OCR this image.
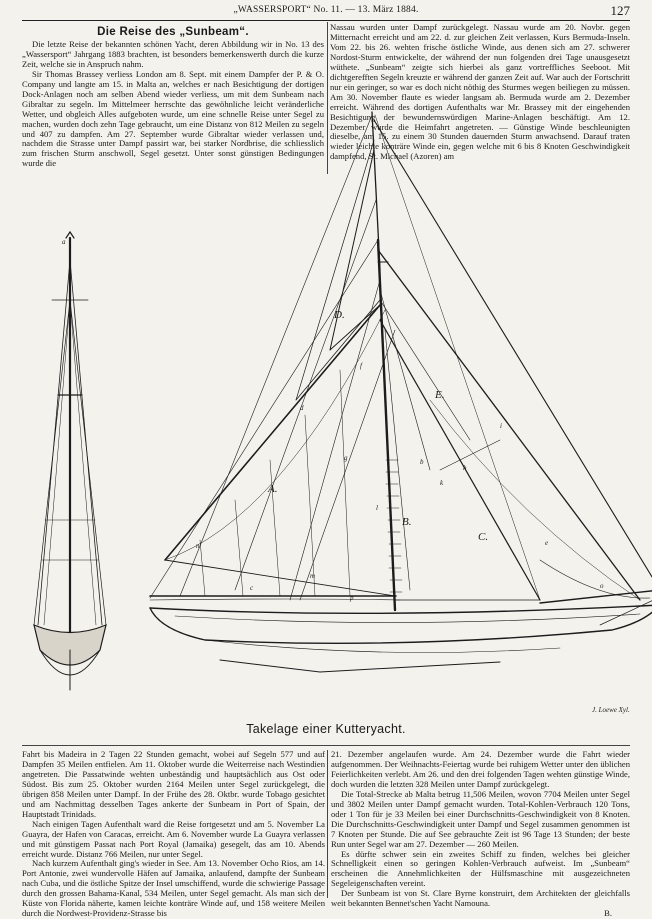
„WASSERSPORT“ No. 11. — 13. März 1884.	127
Die Reise des „Sunbeam“.

Die letzte Reise der bekannten schönen Yacht, deren Abbildung wir in No. 13 des „Wassersport“ Jahrgang 1883 brachten, ist besonders bemerkenswerth durch die kurze Zeit, welche sie in Anspruch nahm.

Sir Thomas Brassey verliess London am 8. Sept. mit einem Dampfer der P. & O. Company und langte am 15. in Malta an, welches er nach Besichtigung der dortigen Dock-Anlagen noch am selben Abend wieder verliess, um mit dem Sunbeam nach Gibraltar zu segeln. Im Mittelmeer herrschte das gewöhnliche leicht veränderliche Wetter, und obgleich Alles aufgeboten wurde, um eine schnelle Reise unter Segel zu machen, wurden doch zehn Tage gebraucht, um eine Distanz von 812 Meilen zu segeln und 407 zu dampfen. Am 27. September wurde Gibraltar wieder verlassen und, nachdem die Strasse unter Dampf passirt war, bei starker Nordbrise, die schliesslich zum frischen Sturm anschwoll, Segel gesetzt. Unter sonst günstigen Bedingungen wurde die

Nassau wurden unter Dampf zurückgelegt. Nassau wurde am 20. Novbr. gegen Mitternacht erreicht und am 22. d. zur gleichen Zeit verlassen, Kurs Bermuda-Inseln. Vom 22. bis 26. wehten frische östliche Winde, aus denen sich am 27. schwerer Nordost-Sturm entwickelte, der während der nun folgenden drei Tage unausgesetzt wüthete. „Sunbeam“ zeigte sich hierbei als ganz vortreffliches Seeboot. Mit dichtgerefften Segeln kreuzte er während der ganzen Zeit auf. War auch der Fortschritt nur ein geringer, so war es doch nicht nöthig des Sturmes wegen beiliegen zu müssen. Am 30. November flaute es wieder langsam ab. Bermuda wurde am 2. Dezember erreicht. Während des dortigen Aufenthalts war Mr. Brassey mit der eingehenden Besichtigung der bewundernswürdigen Marine-Anlagen beschäftigt. Am 12. Dezember wurde die Heimfahrt angetreten. — Günstige Winde beschleunigten dieselbe, am 15. zu einem 30 Stunden dauernden Sturm anwachsend. Darauf traten wieder leichte konträre Winde ein, gegen welche mit 6 bis 8 Knoten Geschwindigkeit dampfend, St. Michael (Azoren) am

A.
B.
C.
D.
E.
a
b
c
d
e
f
g
h
i
k
l
m
n
o
p
J. Loewe Xyl.
Takelage einer Kutteryacht.

Fahrt bis Madeira in 2 Tagen 22 Stunden gemacht, wobei auf Segeln 577 und auf Dampfen 35 Meilen entfielen. Am 11. Oktober wurde die Weiterreise nach Westindien angetreten. Die Passatwinde wehten unbeständig und hauptsächlich aus Ost oder Südost. Bis zum 25. Oktober wurden 2164 Meilen unter Segel zurückgelegt, die übrigen 858 Meilen unter Dampf. In der Frühe des 28. Oktbr. wurde Tobago gesichtet und am Nachmittag desselben Tages ankerte der Sunbeam in Port of Spain, der Hauptstadt Trinidads.

Nach einigen Tagen Aufenthalt ward die Reise fortgesetzt und am 5. November La Guayra, der Hafen von Caracas, erreicht. Am 6. November wurde La Guayra verlassen und mit günstigem Passat nach Port Royal (Jamaika) gesegelt, das am 10. Abends erreicht wurde. Distanz 766 Meilen, nur unter Segel.

Nach kurzem Aufenthalt ging's wieder in See. Am 13. November Ocho Rios, am 14. Port Antonie, zwei wundervolle Häfen auf Jamaika, anlaufend, dampfte der Sunbeam nach Cuba, und die östliche Spitze der Insel umschiffend, wurde die schwierige Passage durch den grossen Bahama-Kanal, 534 Meilen, unter Segel gemacht. Als man sich der Küste von Florida näherte, kamen leichte konträre Winde auf, und 158 weitere Meilen durch die Nordwest-Providenz-Strasse bis

21. Dezember angelaufen wurde. Am 24. Dezember wurde die Fahrt wieder aufgenommen. Der Weihnachts-Feiertag wurde bei ruhigem Wetter unter den üblichen Feierlichkeiten verlebt. Am 26. und den drei folgenden Tagen wehten günstige Winde, doch wurden die letzten 328 Meilen unter Dampf zurückgelegt.

Die Total-Strecke ab Malta betrug 11,506 Meilen, wovon 7704 Meilen unter Segel und 3802 Meilen unter Dampf gemacht wurden. Total-Kohlen-Verbrauch 120 Tons, oder 1 Ton für je 33 Meilen bei einer Durchschnitts-Geschwindigkeit von 8 Knoten. Die Durchschnitts-Geschwindigkeit unter Dampf und Segel zusammen genommen ist 7 Knoten per Stunde. Die auf See gebrauchte Zeit ist 96 Tage 13 Stunden; der beste Run unter Segel war am 27. Dezember — 260 Meilen.

Es dürfte schwer sein ein zweites Schiff zu finden, welches bei gleicher Schnelligkeit einen so geringen Kohlen-Verbrauch aufweist. Im „Sunbeam“ erscheinen die Annehmlichkeiten der Hülfsmaschine mit ausgezeichneten Segeleigenschaften vereint.

Der Sunbeam ist von St. Clare Byrne konstruirt, dem Architekten der gleichfalls weit bekannten Bennet'schen Yacht Namouna.

B.
